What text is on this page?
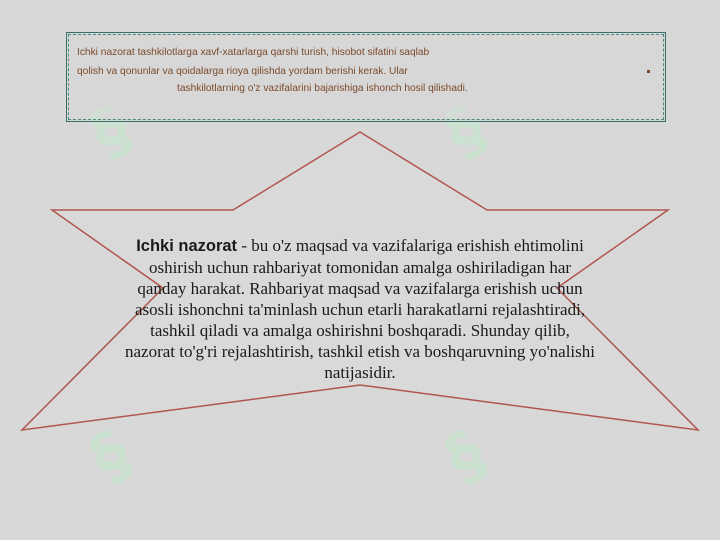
§	§
§	§
Ichki nazorat tashkilotlarga xavf-xatarlarga qarshi turish, hisobot sifatini saqlab
qolish va qonunlar va qoidalarga rioya qilishda yordam berishi kerak. Ular
tashkilotlarning o'z vazifalarini bajarishiga ishonch hosil qilishadi.
Ichki nazorat - bu o'z maqsad va vazifalariga erishish ehtimolini oshirish uchun rahbariyat tomonidan amalga oshiriladigan har qanday harakat. Rahbariyat maqsad va vazifalarga erishish uchun asosli ishonchni ta'minlash uchun etarli harakatlarni rejalashtiradi, tashkil qiladi va amalga oshirishni boshqaradi. Shunday qilib, nazorat to'g'ri rejalashtirish, tashkil etish va boshqaruvning yo'nalishi natijasidir.
